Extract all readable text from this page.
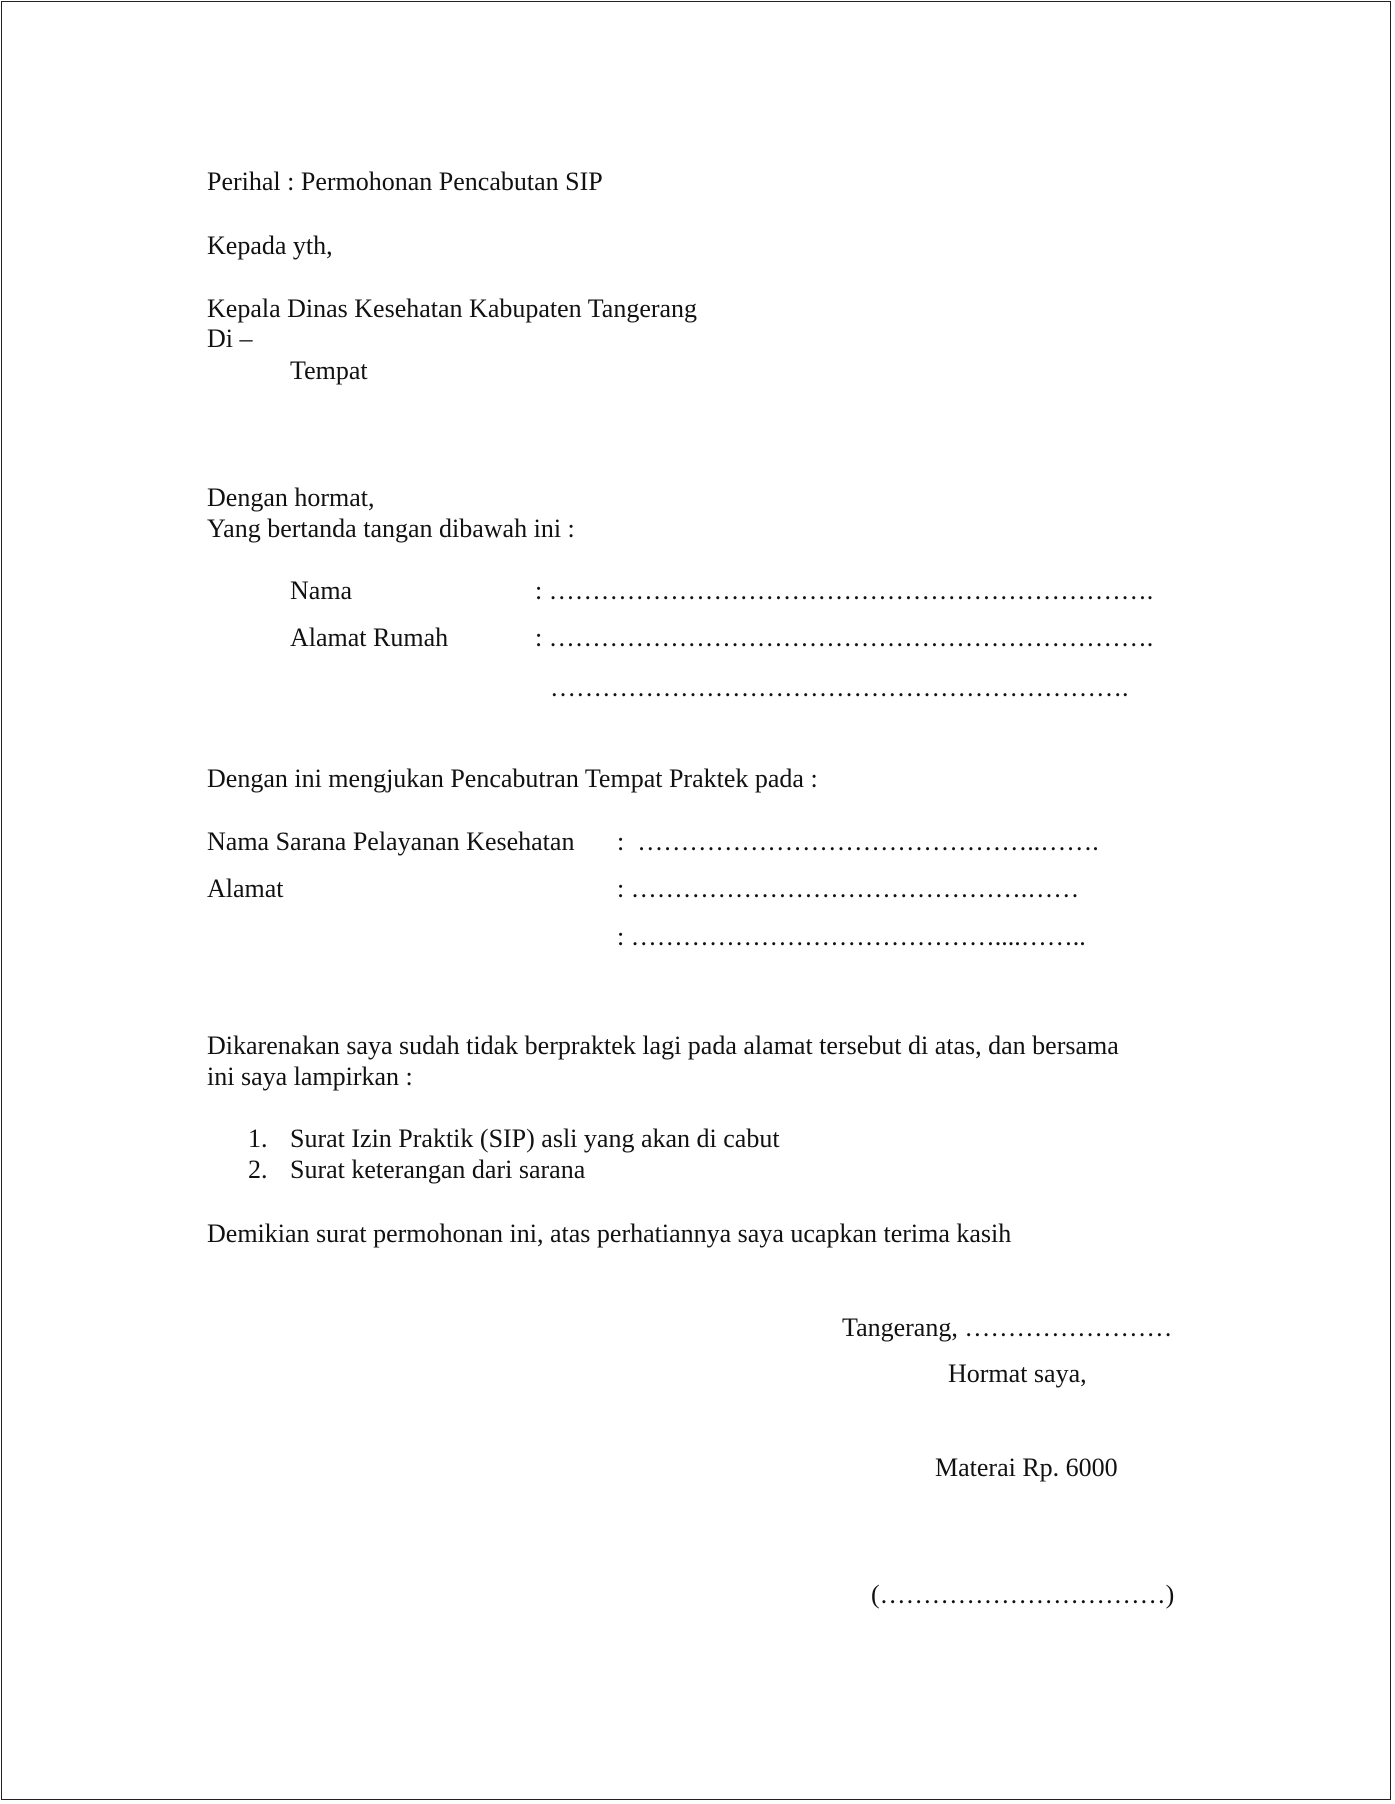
Perihal : Permohonan Pencabutan SIP
Kepada yth,
Kepala Dinas Kesehatan Kabupaten Tangerang
Di –
Tempat
Dengan hormat,
Yang bertanda tangan dibawah ini :
Nama	: …………………………………………………………….
Alamat Rumah	: …………………………………………………………….
………………………………………………………….
Dengan ini mengjukan Pencabutran Tempat Praktek pada :
Nama Sarana Pelayanan Kesehatan :  ………………………………………..…….
Alamat	: ……………………………………….……
: ……………………………………....……..
Dikarenakan saya sudah tidak berpraktek lagi pada alamat tersebut di atas, dan bersama
ini saya lampirkan :
1. Surat Izin Praktik (SIP) asli yang akan di cabut
2. Surat keterangan dari sarana
Demikian surat permohonan ini, atas perhatiannya saya ucapkan terima kasih
Tangerang, ……………………
Hormat saya,
Materai Rp. 6000
(……………………………)
